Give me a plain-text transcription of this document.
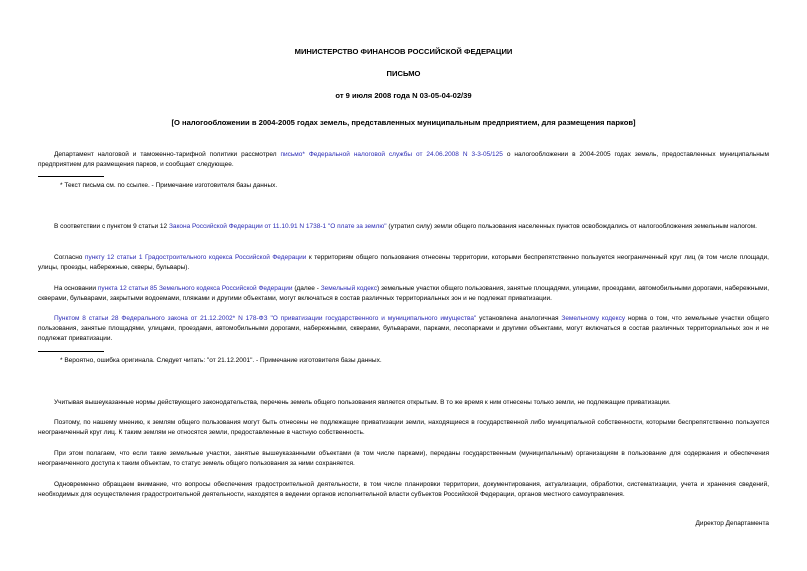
МИНИСТЕРСТВО ФИНАНСОВ РОССИЙСКОЙ ФЕДЕРАЦИИ
ПИСЬМО
от 9 июля 2008 года N 03-05-04-02/39
[О налогообложении в 2004-2005 годах земель, представленных муниципальным предприятием, для размещения парков]
Департамент налоговой и таможенно-тарифной политики рассмотрел письмо* Федеральной налоговой службы от 24.06.2008 N 3-3-05/125 о налогообложении в 2004-2005 годах земель, предоставленных муниципальным предприятием для размещения парков, и сообщает следующее.
* Текст письма см. по ссылке. - Примечание изготовителя базы данных.
В соответствии с пунктом 9 статьи 12 Закона Российской Федерации от 11.10.91 N 1738-1 "О плате за землю" (утратил силу) земли общего пользования населенных пунктов освобождались от налогообложения земельным налогом.
Согласно пункту 12 статьи 1 Градостроительного кодекса Российской Федерации к территориям общего пользования отнесены территории, которыми беспрепятственно пользуется неограниченный круг лиц (в том числе площади, улицы, проезды, набережные, скверы, бульвары).
На основании пункта 12 статьи 85 Земельного кодекса Российской Федерации (далее - Земельный кодекс) земельные участки общего пользования, занятые площадями, улицами, проездами, автомобильными дорогами, набережными, скверами, бульварами, закрытыми водоемами, пляжами и другими объектами, могут включаться в состав различных территориальных зон и не подлежат приватизации.
Пунктом 8 статьи 28 Федерального закона от 21.12.2002* N 178-ФЗ "О приватизации государственного и муниципального имущества" установлена аналогичная Земельному кодексу норма о том, что земельные участки общего пользования, занятые площадями, улицами, проездами, автомобильными дорогами, набережными, скверами, бульварами, парками, лесопарками и другими объектами, могут включаться в состав различных территориальных зон и не подлежат приватизации.
* Вероятно, ошибка оригинала. Следует читать: "от 21.12.2001". - Примечание изготовителя базы данных.
Учитывая вышеуказанные нормы действующего законодательства, перечень земель общего пользования является открытым. В то же время к ним отнесены только земли, не подлежащие приватизации.
Поэтому, по нашему мнению, к землям общего пользования могут быть отнесены не подлежащие приватизации земли, находящиеся в государственной либо муниципальной собственности, которыми беспрепятственно пользуется неограниченный круг лиц. К таким землям не относятся земли, предоставленные в частную собственность.
При этом полагаем, что если такие земельные участки, занятые вышеуказанными объектами (в том числе парками), переданы государственным (муниципальным) организациям в пользование для содержания и обеспечения неограниченного доступа к таким объектам, то статус земель общего пользования за ними сохраняется.
Одновременно обращаем внимание, что вопросы обеспечения градостроительной деятельности, в том числе планировки территории, документирования, актуализации, обработки, систематизации, учета и хранения сведений, необходимых для осуществления градостроительной деятельности, находятся в ведении органов исполнительной власти субъектов Российской Федерации, органов местного самоуправления.
Директор Департамента
